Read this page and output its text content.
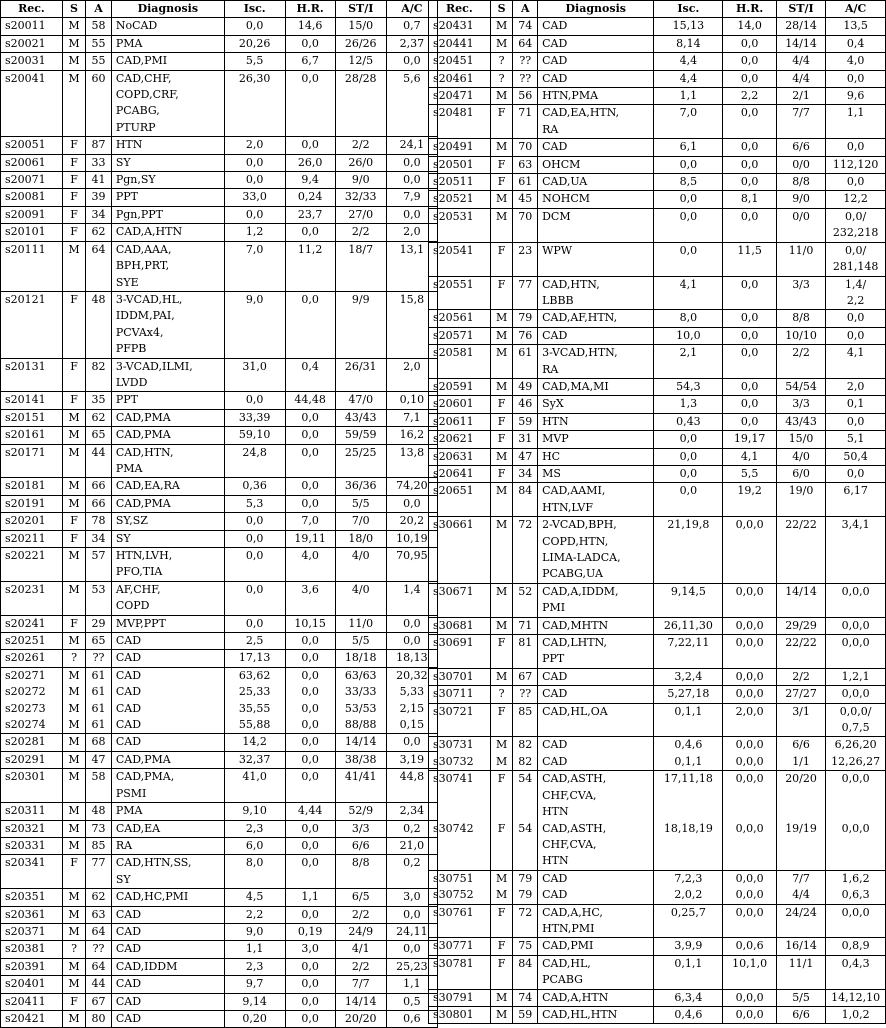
Rec.	S	A	Diagnosis	Isc.	H.R.	ST/I	A/C
s20011	M	58	NoCAD	0,0	14,6	15/0	0,7

s20021	M	55	PMA	20,26	0,0	26/26	2,37

s20031	M	55	CAD,PMI	5,5	6,7	12/5	0,0

s20041	M	60	CAD,CHF,
COPD,CRF,
PCABG,
PTURP	26,30	0,0	28/28	5,6

s20051	F	87	HTN	2,0	0,0	2/2	24,1

s20061	F	33	SY	0,0	26,0	26/0	0,0

s20071	F	41	Pgn,SY	0,0	9,4	9/0	0,0

s20081	F	39	PPT	33,0	0,24	32/33	7,9

s20091	F	34	Pgn,PPT	0,0	23,7	27/0	0,0

s20101	F	62	CAD,A,HTN	1,2	0,0	2/2	2,0

s20111	M	64	CAD,AAA,
BPH,PRT,
SYE	7,0	11,2	18/7	13,1

s20121	F	48	3-VCAD,HL,
IDDM,PAI,
PCVAx4,
PFPB	9,0	0,0	9/9	15,8

s20131	F	82	3-VCAD,ILMI,
LVDD	31,0	0,4	26/31	2,0

s20141	F	35	PPT	0,0	44,48	47/0	0,10

s20151	M	62	CAD,PMA	33,39	0,0	43/43	7,1

s20161	M	65	CAD,PMA	59,10	0,0	59/59	16,2

s20171	M	44	CAD,HTN,
PMA	24,8	0,0	25/25	13,8

s20181	M	66	CAD,EA,RA	0,36	0,0	36/36	74,20

s20191	M	66	CAD,PMA	5,3	0,0	5/5	0,0

s20201	F	78	SY,SZ	0,0	7,0	7/0	20,2

s20211	F	34	SY	0,0	19,11	18/0	10,19

s20221	M	57	HTN,LVH,
PFO,TIA	0,0	4,0	4/0	70,95

s20231	M	53	AF,CHF,
COPD	0,0	3,6	4/0	1,4

s20241	F	29	MVP,PPT	0,0	10,15	11/0	0,0

s20251	M	65	CAD	2,5	0,0	5/5	0,0

s20261	?	??	CAD	17,13	0,0	18/18	18,13

s20271	M	61	CAD	63,62	0,0	63/63	20,32

s20272	M	61	CAD	25,33	0,0	33/33	5,33

s20273	M	61	CAD	35,55	0,0	53/53	2,15

s20274	M	61	CAD	55,88	0,0	88/88	0,15

s20281	M	68	CAD	14,2	0,0	14/14	0,0

s20291	M	47	CAD,PMA	32,37	0,0	38/38	3,19

s20301	M	58	CAD,PMA,
PSMI	41,0	0,0	41/41	44,8

s20311	M	48	PMA	9,10	4,44	52/9	2,34

s20321	M	73	CAD,EA	2,3	0,0	3/3	0,2

s20331	M	85	RA	6,0	0,0	6/6	21,0

s20341	F	77	CAD,HTN,SS,
SY	8,0	0,0	8/8	0,2

s20351	M	62	CAD,HC,PMI	4,5	1,1	6/5	3,0

s20361	M	63	CAD	2,2	0,0	2/2	0,0

s20371	M	64	CAD	9,0	0,19	24/9	24,11

s20381	?	??	CAD	1,1	3,0	4/1	0,0

s20391	M	64	CAD,IDDM	2,3	0,0	2/2	25,23

s20401	M	44	CAD	9,7	0,0	7/7	1,1

s20411	F	67	CAD	9,14	0,0	14/14	0,5

s20421	M	80	CAD	0,20	0,0	20/20	0,6
Rec.	S	A	Diagnosis	Isc.	H.R.	ST/I	A/C
s20431	M	74	CAD	15,13	14,0	28/14	13,5

s20441	M	64	CAD	8,14	0,0	14/14	0,4

s20451	?	??	CAD	4,4	0,0	4/4	4,0

s20461	?	??	CAD	4,4	0,0	4/4	0,0

s20471	M	56	HTN,PMA	1,1	2,2	2/1	9,6

s20481	F	71	CAD,EA,HTN,
RA	7,0	0,0	7/7	1,1

s20491	M	70	CAD	6,1	0,0	6/6	0,0

s20501	F	63	OHCM	0,0	0,0	0/0	112,120

s20511	F	61	CAD,UA	8,5	0,0	8/8	0,0

s20521	M	45	NOHCM	0,0	8,1	9/0	12,2

s20531	M	70	DCM	0,0	0,0	0/0	0,0/
232,218

s20541	F	23	WPW	0,0	11,5	11/0	0,0/
281,148

s20551	F	77	CAD,HTN,
LBBB	4,1	0,0	3/3	1,4/
2,2

s20561	M	79	CAD,AF,HTN,	8,0	0,0	8/8	0,0

s20571	M	76	CAD	10,0	0,0	10/10	0,0

s20581	M	61	3-VCAD,HTN,
RA	2,1	0,0	2/2	4,1

s20591	M	49	CAD,MA,MI	54,3	0,0	54/54	2,0

s20601	F	46	SyX	1,3	0,0	3/3	0,1

s20611	F	59	HTN	0,43	0,0	43/43	0,0

s20621	F	31	MVP	0,0	19,17	15/0	5,1

s20631	M	47	HC	0,0	4,1	4/0	50,4

s20641	F	34	MS	0,0	5,5	6/0	0,0

s20651	M	84	CAD,AAMI,
HTN,LVF	0,0	19,2	19/0	6,17

s30661	M	72	2-VCAD,BPH,
COPD,HTN,
LIMA-LADCA,
PCABG,UA	21,19,8	0,0,0	22/22	3,4,1

s30671	M	52	CAD,A,IDDM,
PMI	9,14,5	0,0,0	14/14	0,0,0

s30681	M	71	CAD,MHTN	26,11,30	0,0,0	29/29	0,0,0

s30691	F	81	CAD,LHTN,
PPT	7,22,11	0,0,0	22/22	0,0,0

s30701	M	67	CAD	3,2,4	0,0,0	2/2	1,2,1

s30711	?	??	CAD	5,27,18	0,0,0	27/27	0,0,0

s30721	F	85	CAD,HL,OA	0,1,1	2,0,0	3/1	0,0,0/
0,7,5

s30731	M	82	CAD	0,4,6	0,0,0	6/6	6,26,20

s30732	M	82	CAD	0,1,1	0,0,0	1/1	12,26,27

s30741	F	54	CAD,ASTH,
CHF,CVA,
HTN	17,11,18	0,0,0	20/20	0,0,0

s30742	F	54	CAD,ASTH,
CHF,CVA,
HTN	18,18,19	0,0,0	19/19	0,0,0

s30751	M	79	CAD	7,2,3	0,0,0	7/7	1,6,2

s30752	M	79	CAD	2,0,2	0,0,0	4/4	0,6,3

s30761	F	72	CAD,A,HC,
HTN,PMI	0,25,7	0,0,0	24/24	0,0,0

s30771	F	75	CAD,PMI	3,9,9	0,0,6	16/14	0,8,9

s30781	F	84	CAD,HL,
PCABG	0,1,1	10,1,0	11/1	0,4,3

s30791	M	74	CAD,A,HTN	6,3,4	0,0,0	5/5	14,12,10

s30801	M	59	CAD,HL,HTN	0,4,6	0,0,0	6/6	1,0,2
